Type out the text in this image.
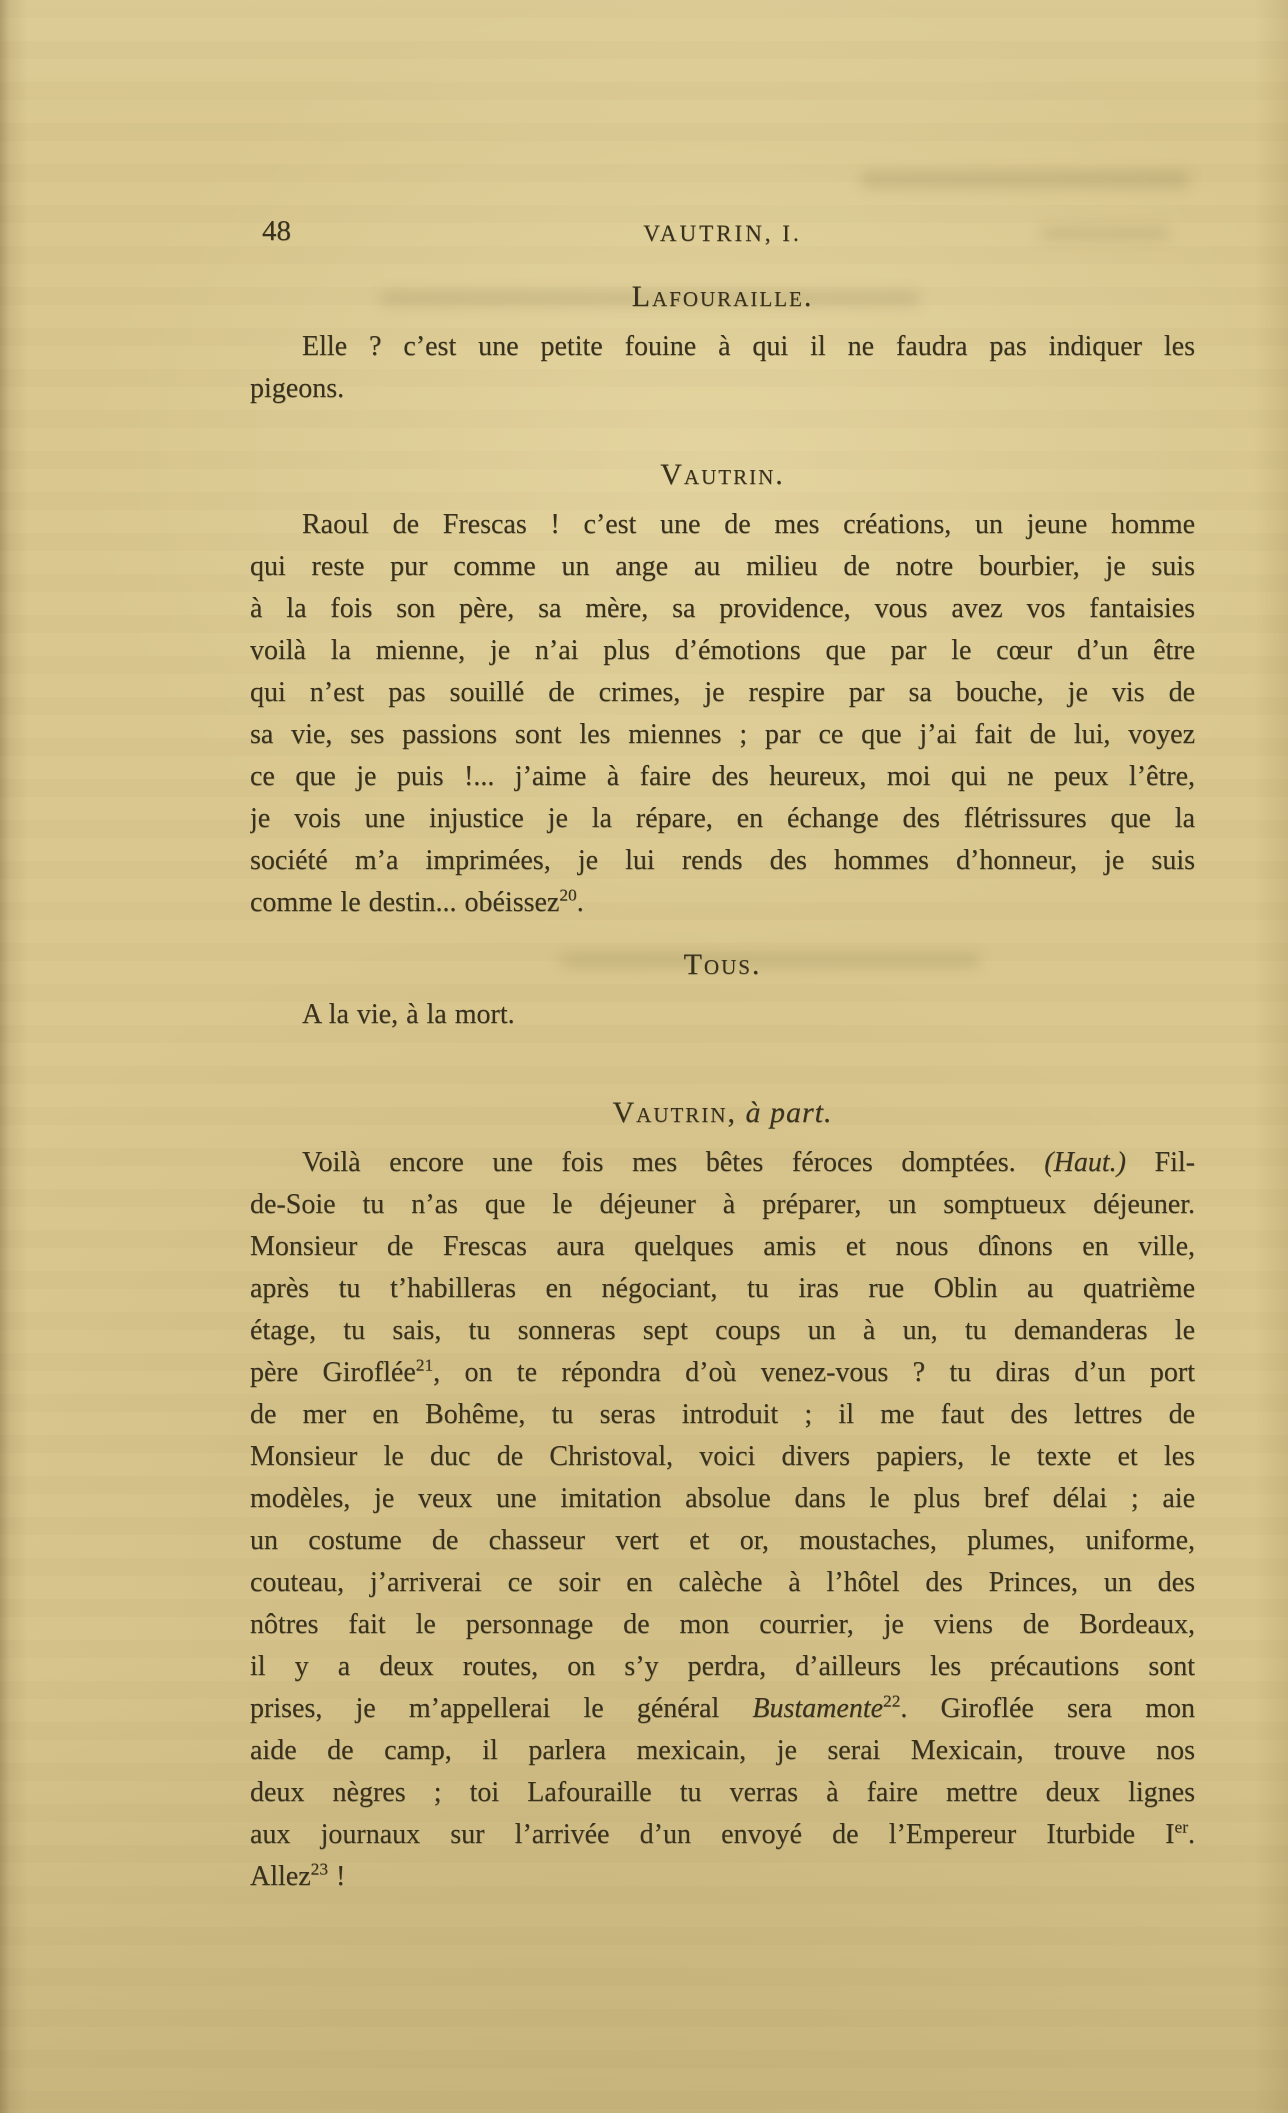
48	VAUTRIN, I.
Lafouraille.
Elle ? c’est une petite fouine à qui il ne faudra pas indiquer les
pigeons.
Vautrin.
Raoul de Frescas ! c’est une de mes créations, un jeune homme
qui reste pur comme un ange au milieu de notre bourbier, je suis
à la fois son père, sa mère, sa providence, vous avez vos fantaisies
voilà la mienne, je n’ai plus d’émotions que par le cœur d’un être
qui n’est pas souillé de crimes, je respire par sa bouche, je vis de
sa vie, ses passions sont les miennes ; par ce que j’ai fait de lui, voyez
ce que je puis !... j’aime à faire des heureux, moi qui ne peux l’être,
je vois une injustice je la répare, en échange des flétrissures que la
société m’a imprimées, je lui rends des hommes d’honneur, je suis
comme le destin... obéissez$^{20}$.
Tous.
A la vie, à la mort.
Vautrin, à part.
Voilà encore une fois mes bêtes féroces domptées. (Haut.) Fil-
de-Soie tu n’as que le déjeuner à préparer, un somptueux déjeuner.
Monsieur de Frescas aura quelques amis et nous dînons en ville,
après tu t’habilleras en négociant, tu iras rue Oblin au quatrième
étage, tu sais, tu sonneras sept coups un à un, tu demanderas le
père Giroflée$^{21}$, on te répondra d’où venez-vous ? tu diras d’un port
de mer en Bohême, tu seras introduit ; il me faut des lettres de
Monsieur le duc de Christoval, voici divers papiers, le texte et les
modèles, je veux une imitation absolue dans le plus bref délai ; aie
un costume de chasseur vert et or, moustaches, plumes, uniforme,
couteau, j’arriverai ce soir en calèche à l’hôtel des Princes, un des
nôtres fait le personnage de mon courrier, je viens de Bordeaux,
il y a deux routes, on s’y perdra, d’ailleurs les précautions sont
prises, je m’appellerai le général Bustamente$^{22}$. Giroflée sera mon
aide de camp, il parlera mexicain, je serai Mexicain, trouve nos
deux nègres ; toi Lafouraille tu verras à faire mettre deux lignes
aux journaux sur l’arrivée d’un envoyé de l’Empereur Iturbide Ier.
Allez$^{23}$ !
